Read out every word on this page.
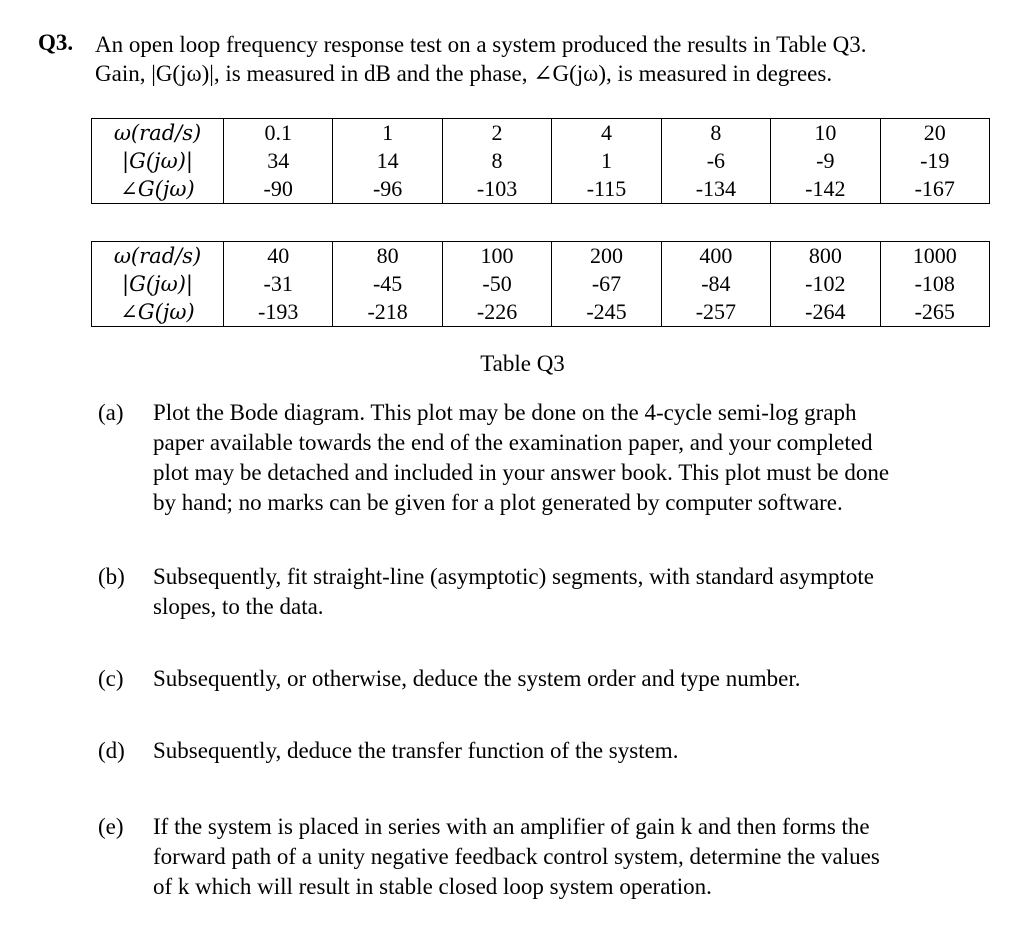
Q3. An open loop frequency response test on a system produced the results in Table Q3.
Gain, |G(jω)|, is measured in dB and the phase, ∠G(jω), is measured in degrees.
ω(rad/s)	0.1	1	2	4	8	10	20
|G(jω)|	34	14	8	1	-6	-9	-19
∠G(jω)	-90	-96	-103	-115	-134	-142	-167
ω(rad/s)	40	80	100	200	400	800	1000
|G(jω)|	-31	-45	-50	-67	-84	-102	-108
∠G(jω)	-193	-218	-226	-245	-257	-264	-265
Table Q3
(a) Plot the Bode diagram. This plot may be done on the 4-cycle semi-log graph
paper available towards the end of the examination paper, and your completed
plot may be detached and included in your answer book. This plot must be done
by hand; no marks can be given for a plot generated by computer software.
(b) Subsequently, fit straight-line (asymptotic) segments, with standard asymptote
slopes, to the data.
(c) Subsequently, or otherwise, deduce the system order and type number.
(d) Subsequently, deduce the transfer function of the system.
(e) If the system is placed in series with an amplifier of gain k and then forms the
forward path of a unity negative feedback control system, determine the values
of k which will result in stable closed loop system operation.
